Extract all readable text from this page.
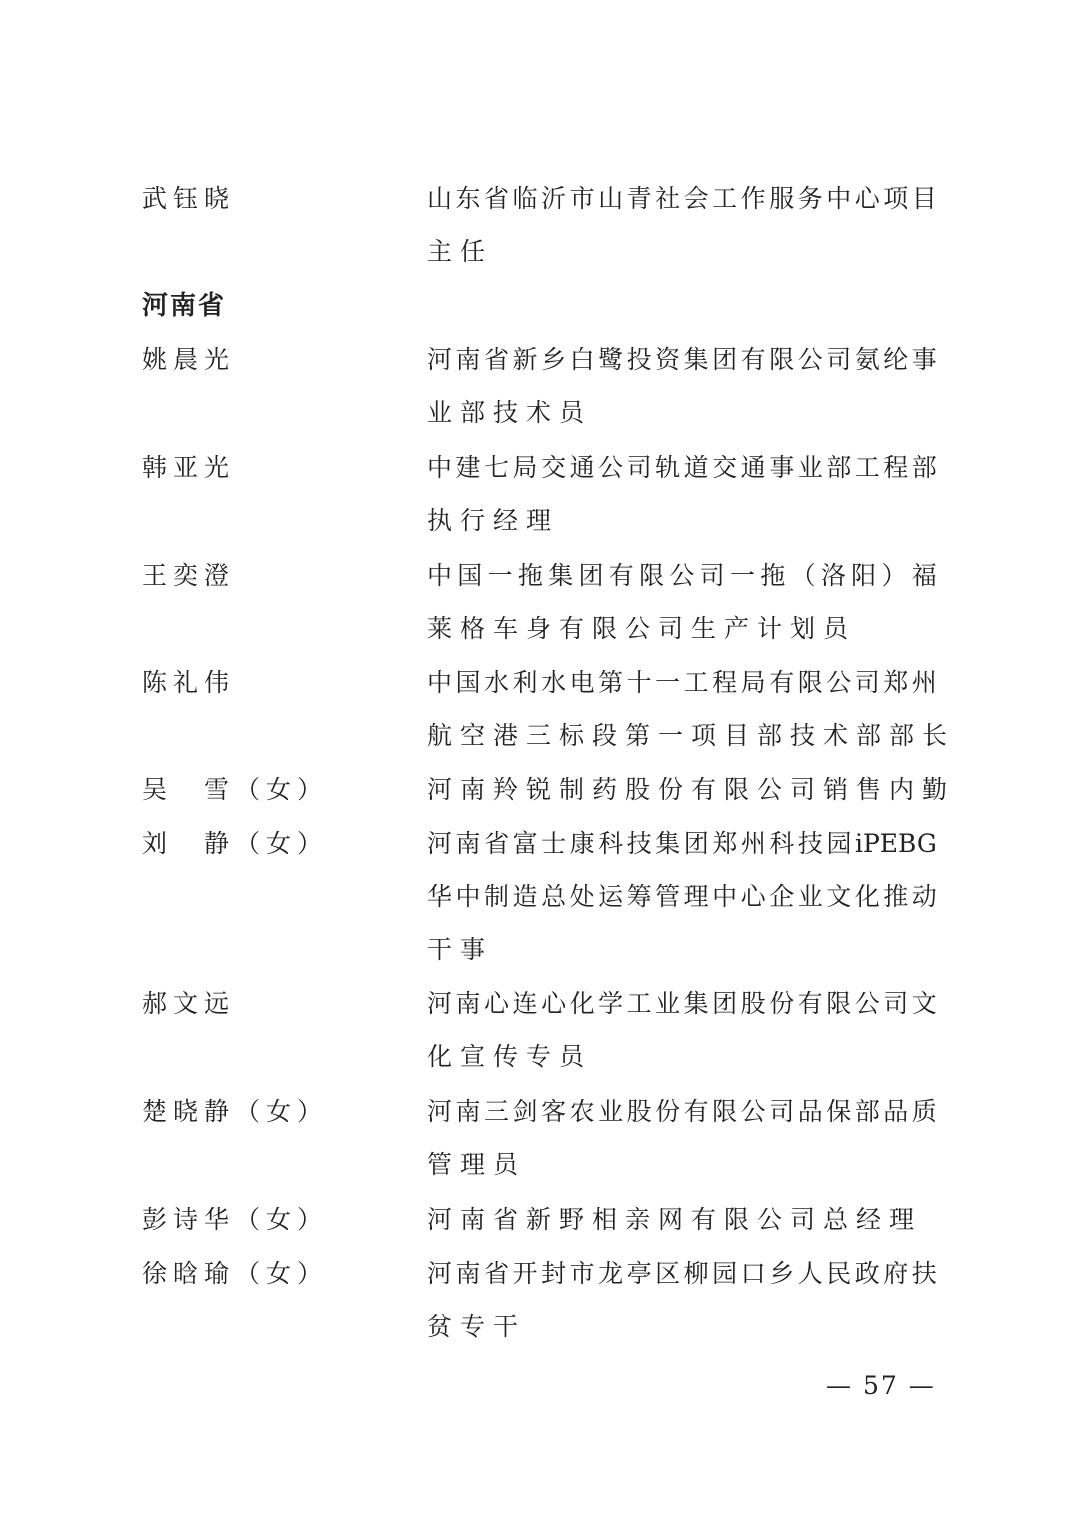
武钰晓	山 东 省 临 沂 市 山 青 社 会 工 作 服 务 中 心 项 目
主任
河南省
姚晨光	河 南 省 新 乡 白 鹭 投 资 集 团 有 限 公 司 氨 纶 事
业部技术员
韩亚光	中 建 七 局 交 通 公 司 轨 道 交 通 事 业 部 工 程 部
执行经理
王奕澄	中 国 一 拖 集 团 有 限 公 司 一 拖 （ 洛 阳 ） 福
莱格车身有限公司生产计划员
陈礼伟	中 国 水 利 水 电 第 十 一 工 程 局 有 限 公 司 郑 州
航空港三标段第一项目部技术部部长
吴　雪（女）	河南羚锐制药股份有限公司销售内勤
刘　静（女）	河 南 省 富 士 康 科 技 集 团 郑 州 科 技 园 iPEBG
华 中 制 造 总 处 运 筹 管 理 中 心 企 业 文 化 推 动
干事
郝文远	河 南 心 连 心 化 学 工 业 集 团 股 份 有 限 公 司 文
化宣传专员
楚晓静（女）	河 南 三 剑 客 农 业 股 份 有 限 公 司 品 保 部 品 质
管理员
彭诗华（女）	河南省新野相亲网有限公司总经理
徐晗瑜（女）	河 南 省 开 封 市 龙 亭 区 柳 园 口 乡 人 民 政 府 扶
贫专干
— 57 —
